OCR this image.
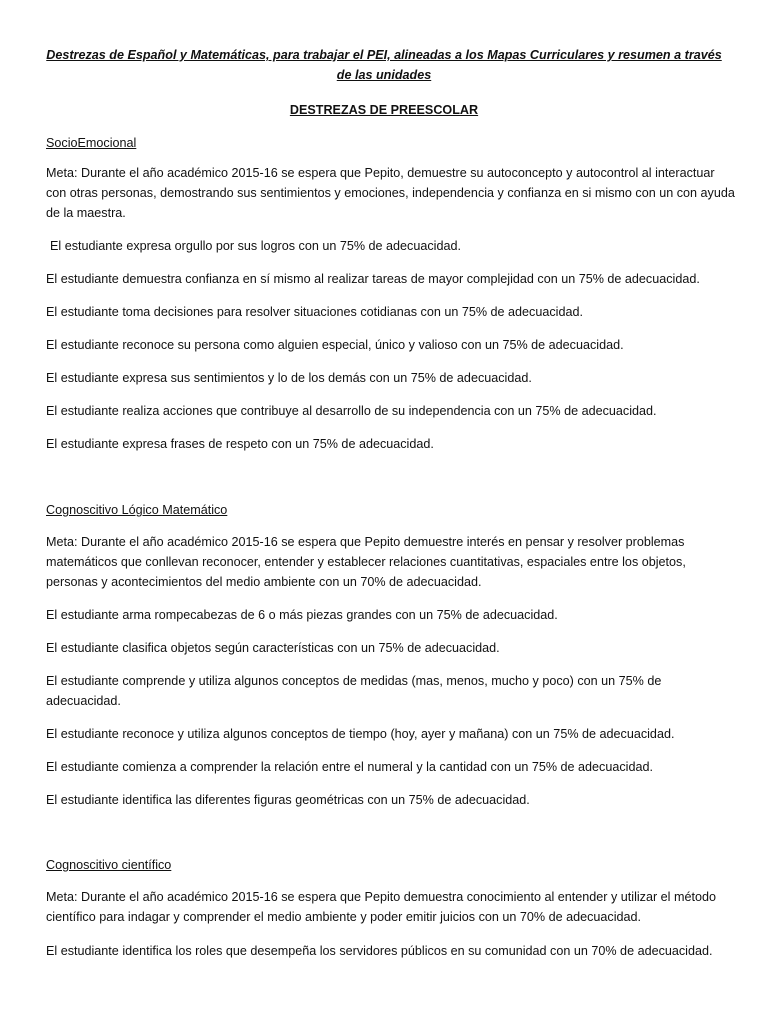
Destrezas de Español y Matemáticas, para trabajar el PEI, alineadas a los Mapas Curriculares y resumen a través de las unidades

DESTREZAS DE PREESCOLAR

SocioEmocional

Meta: Durante el año académico 2015-16 se espera que Pepito, demuestre su autoconcepto y autocontrol al interactuar con otras personas, demostrando sus sentimientos y emociones, independencia y confianza en si mismo con un con ayuda de la maestra.

El estudiante expresa orgullo por sus logros con un 75% de adecuacidad.

El estudiante demuestra confianza en sí mismo al realizar tareas de mayor complejidad con un 75% de adecuacidad.

El estudiante toma decisiones para resolver situaciones cotidianas con un 75% de adecuacidad.

El estudiante reconoce su persona como alguien especial, único y valioso con un 75% de adecuacidad.

El estudiante expresa sus sentimientos y lo de los demás con un 75% de adecuacidad.

El estudiante realiza acciones que contribuye al desarrollo de su independencia con un 75% de adecuacidad.

El estudiante expresa frases de respeto con un 75% de adecuacidad.

Cognoscitivo Lógico Matemático

Meta: Durante el año académico 2015-16 se espera que Pepito demuestre interés en pensar y resolver problemas matemáticos que conllevan reconocer, entender y establecer relaciones cuantitativas, espaciales entre los objetos, personas y acontecimientos del medio ambiente con un 70% de adecuacidad.

El estudiante arma rompecabezas de 6 o más piezas grandes con un 75% de adecuacidad.

El estudiante clasifica objetos según características con un 75% de adecuacidad.

El estudiante comprende y utiliza algunos conceptos de medidas (mas, menos, mucho y poco) con un 75% de adecuacidad.

El estudiante reconoce y utiliza algunos conceptos de tiempo (hoy, ayer y mañana) con un 75% de adecuacidad.

El estudiante comienza a comprender la relación entre el numeral y la cantidad con un 75% de adecuacidad.

El estudiante identifica las diferentes figuras geométricas con un 75% de adecuacidad.

Cognoscitivo científico

Meta: Durante el año académico 2015-16 se espera que Pepito demuestra conocimiento al entender y utilizar el método científico para indagar y comprender el medio ambiente y poder emitir juicios con un 70% de adecuacidad.

El estudiante identifica los roles que desempeña los servidores públicos en su comunidad con un 70% de adecuacidad.
